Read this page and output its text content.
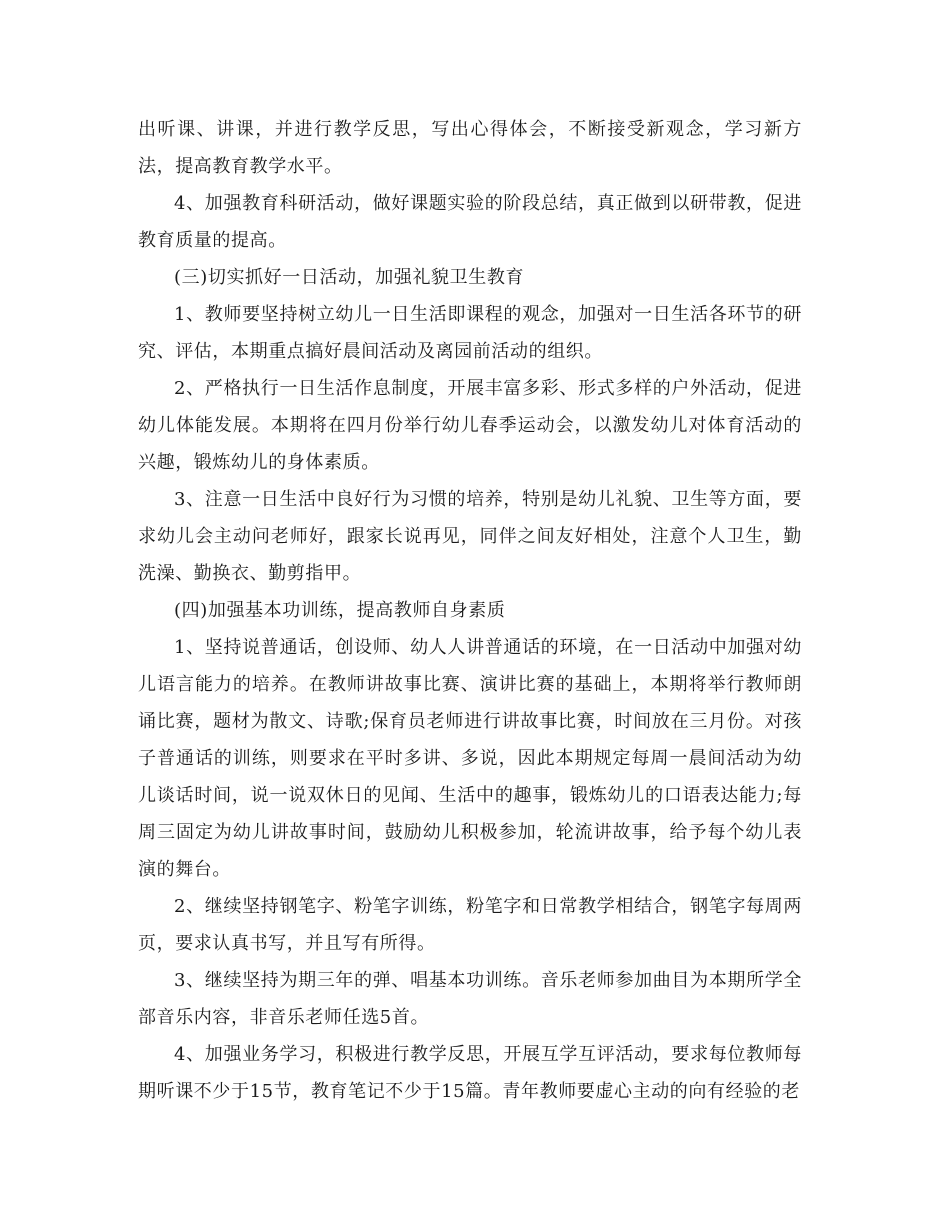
出听课、讲课，并进行教学反思，写出心得体会，不断接受新观念，学习新方法，提高教育教学水平。

4、加强教育科研活动，做好课题实验的阶段总结，真正做到以研带教，促进教育质量的提高。

(三)切实抓好一日活动，加强礼貌卫生教育

1、教师要坚持树立幼儿一日生活即课程的观念，加强对一日生活各环节的研究、评估，本期重点搞好晨间活动及离园前活动的组织。

2、严格执行一日生活作息制度，开展丰富多彩、形式多样的户外活动，促进幼儿体能发展。本期将在四月份举行幼儿春季运动会，以激发幼儿对体育活动的兴趣，锻炼幼儿的身体素质。

3、注意一日生活中良好行为习惯的培养，特别是幼儿礼貌、卫生等方面，要求幼儿会主动问老师好，跟家长说再见，同伴之间友好相处，注意个人卫生，勤洗澡、勤换衣、勤剪指甲。

(四)加强基本功训练，提高教师自身素质

1、坚持说普通话，创设师、幼人人讲普通话的环境，在一日活动中加强对幼儿语言能力的培养。在教师讲故事比赛、演讲比赛的基础上，本期将举行教师朗诵比赛，题材为散文、诗歌;保育员老师进行讲故事比赛，时间放在三月份。对孩子普通话的训练，则要求在平时多讲、多说，因此本期规定每周一晨间活动为幼儿谈话时间，说一说双休日的见闻、生活中的趣事，锻炼幼儿的口语表达能力;每周三固定为幼儿讲故事时间，鼓励幼儿积极参加，轮流讲故事，给予每个幼儿表演的舞台。

2、继续坚持钢笔字、粉笔字训练，粉笔字和日常教学相结合，钢笔字每周两页，要求认真书写，并且写有所得。

3、继续坚持为期三年的弹、唱基本功训练。音乐老师参加曲目为本期所学全部音乐内容，非音乐老师任选5首。

4、加强业务学习，积极进行教学反思，开展互学互评活动，要求每位教师每期听课不少于15节，教育笔记不少于15篇。青年教师要虚心主动的向有经验的老
